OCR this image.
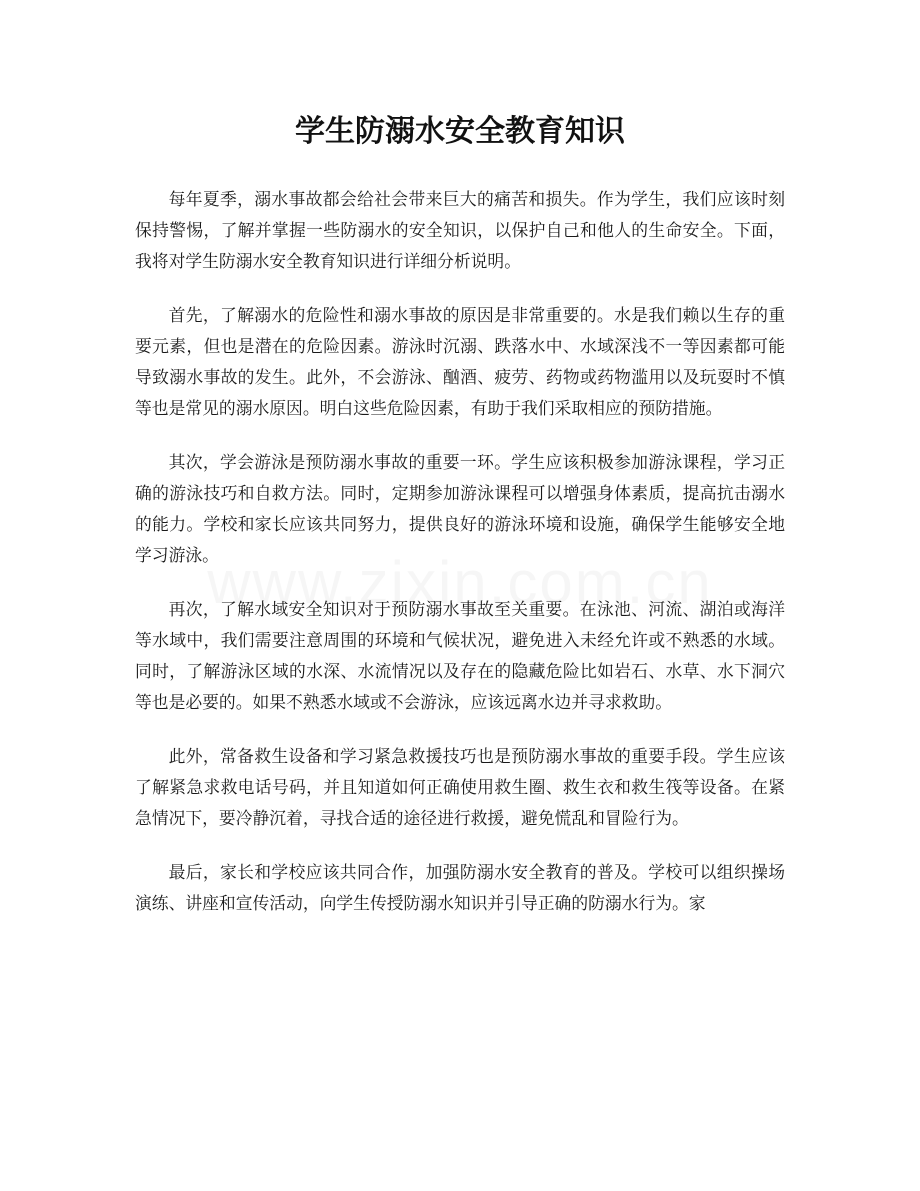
学生防溺水安全教育知识

每年夏季，溺水事故都会给社会带来巨大的痛苦和损失。作为学生，我们应该时刻保持警惕，了解并掌握一些防溺水的安全知识，以保护自己和他人的生命安全。下面，我将对学生防溺水安全教育知识进行详细分析说明。

首先，了解溺水的危险性和溺水事故的原因是非常重要的。水是我们赖以生存的重要元素，但也是潜在的危险因素。游泳时沉溺、跌落水中、水域深浅不一等因素都可能导致溺水事故的发生。此外，不会游泳、酗酒、疲劳、药物或药物滥用以及玩耍时不慎等也是常见的溺水原因。明白这些危险因素，有助于我们采取相应的预防措施。

其次，学会游泳是预防溺水事故的重要一环。学生应该积极参加游泳课程，学习正确的游泳技巧和自救方法。同时，定期参加游泳课程可以增强身体素质，提高抗击溺水的能力。学校和家长应该共同努力，提供良好的游泳环境和设施，确保学生能够安全地学习游泳。

再次，了解水域安全知识对于预防溺水事故至关重要。在泳池、河流、湖泊或海洋等水域中，我们需要注意周围的环境和气候状况，避免进入未经允许或不熟悉的水域。同时，了解游泳区域的水深、水流情况以及存在的隐藏危险比如岩石、水草、水下洞穴等也是必要的。如果不熟悉水域或不会游泳，应该远离水边并寻求救助。

此外，常备救生设备和学习紧急救援技巧也是预防溺水事故的重要手段。学生应该了解紧急求救电话号码，并且知道如何正确使用救生圈、救生衣和救生筏等设备。在紧急情况下，要冷静沉着，寻找合适的途径进行救援，避免慌乱和冒险行为。

最后，家长和学校应该共同合作，加强防溺水安全教育的普及。学校可以组织操场演练、讲座和宣传活动，向学生传授防溺水知识并引导正确的防溺水行为。家
